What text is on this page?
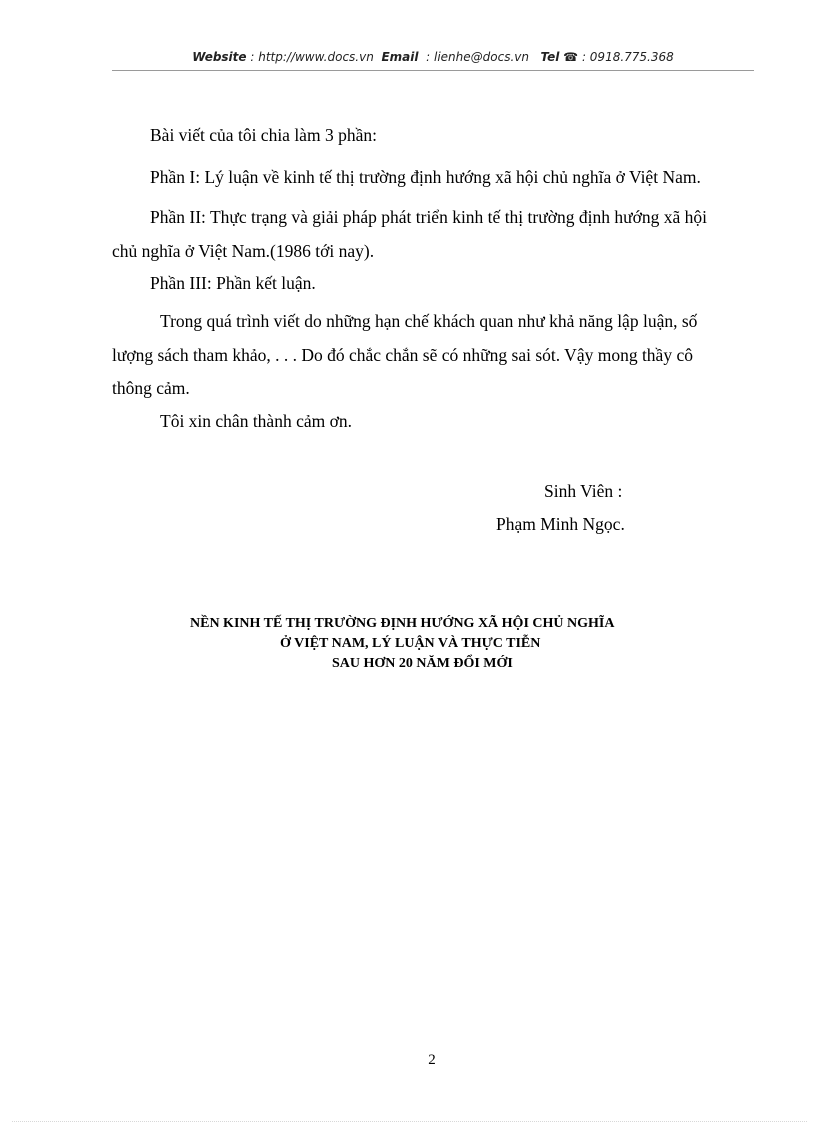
Website : http://www.docs.vn Email : lienhe@docs.vn Tel ☎ : 0918.775.368
Bài viết của tôi chia làm 3 phần:
Phần I: Lý luận về kinh tế thị trường định hướng xã hội chủ nghĩa ở Việt Nam.
Phần II: Thực trạng và giải pháp phát triển kinh tế thị trường định hướng xã hội
chủ nghĩa ở Việt Nam.(1986 tới nay).
Phần III: Phần kết luận.
Trong quá trình viết do những hạn chế khách quan như khả năng lập luận, số
lượng sách tham khảo, . . . Do đó chắc chắn sẽ có những sai sót. Vậy mong thầy cô
thông cảm.
Tôi xin chân thành cảm ơn.
Sinh Viên :
Phạm Minh Ngọc.
NỀN KINH TẾ THỊ TRƯỜNG ĐỊNH HƯỚNG XÃ HỘI CHỦ NGHĨA
Ở VIỆT NAM, LÝ LUẬN VÀ THỰC TIỄN
SAU HƠN 20 NĂM ĐỔI MỚI
2
